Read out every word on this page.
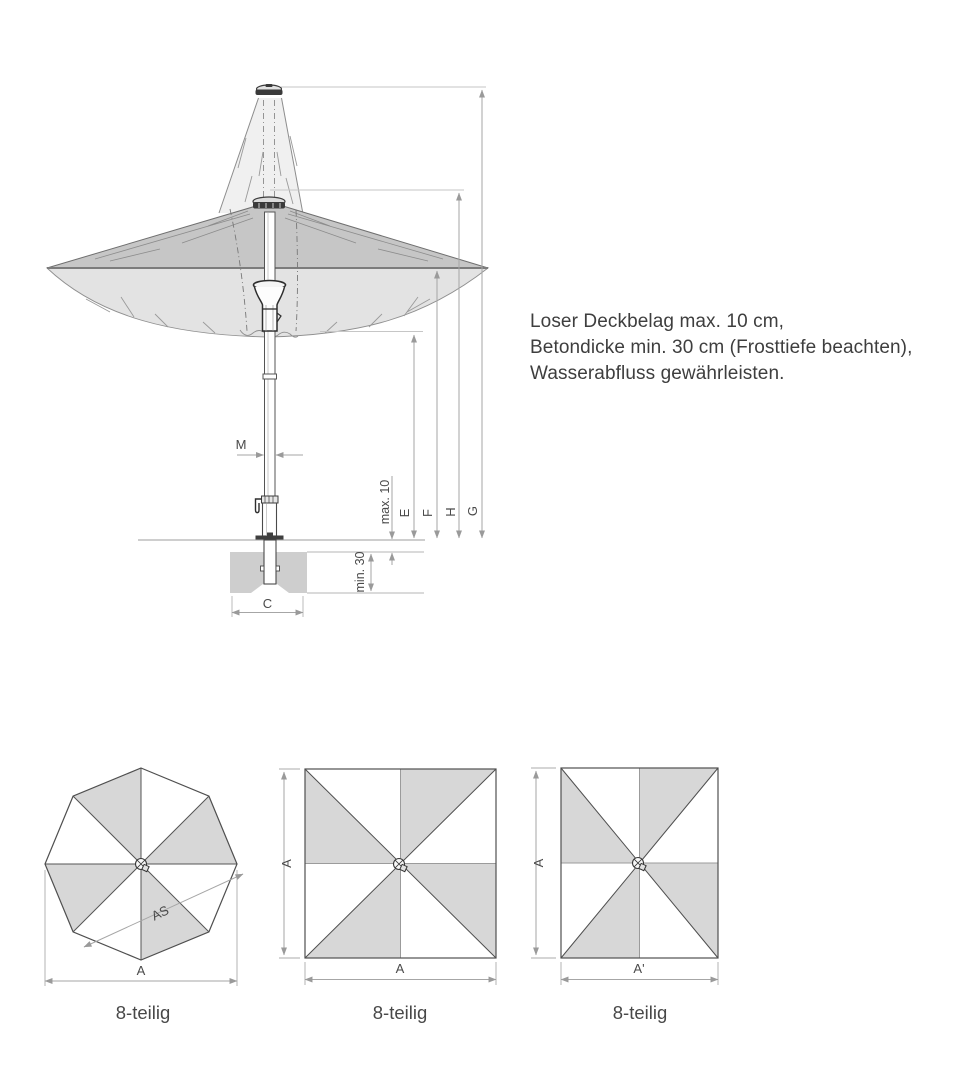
M
C
max. 10
min. 30
E F H G
A
AS
8-teilig
A
A
8-teilig
A
A'
8-teilig
Loser Deckbelag max. 10 cm,
Betondicke min. 30 cm (Frosttiefe beachten),
Wasserabfluss gewährleisten.
